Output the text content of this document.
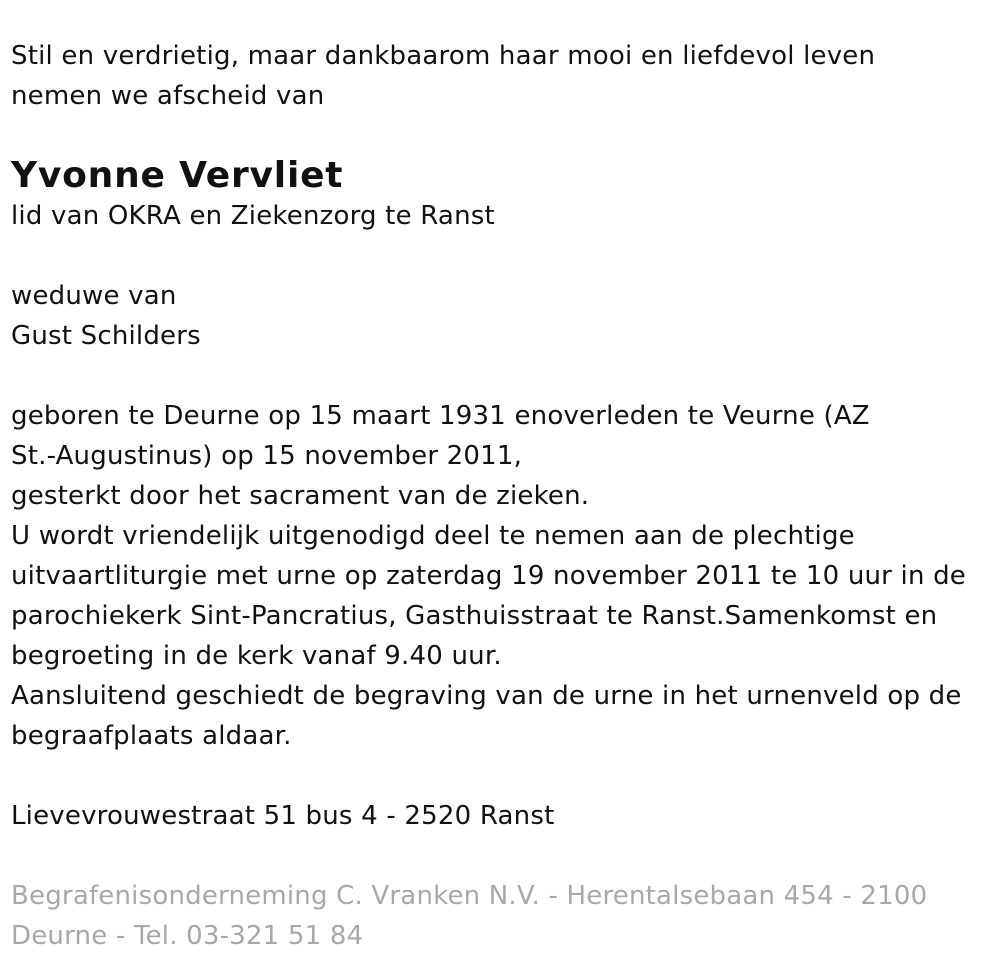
Stil en verdrietig, maar dankbaarom haar mooi en liefdevol leven
nemen we afscheid van
Yvonne Vervliet
lid van OKRA en Ziekenzorg te Ranst
weduwe van
Gust Schilders
geboren te Deurne op 15 maart 1931 enoverleden te Veurne (AZ
St.-Augustinus) op 15 november 2011,
gesterkt door het sacrament van de zieken.
U wordt vriendelijk uitgenodigd deel te nemen aan de plechtige
uitvaartliturgie met urne op zaterdag 19 november 2011 te 10 uur in de
parochiekerk Sint-Pancratius, Gasthuisstraat te Ranst.Samenkomst en
begroeting in de kerk vanaf 9.40 uur.
Aansluitend geschiedt de begraving van de urne in het urnenveld op de
begraafplaats aldaar.
Lievevrouwestraat 51 bus 4 - 2520 Ranst
Begrafenisonderneming C. Vranken N.V. - Herentalsebaan 454 - 2100
Deurne - Tel. 03-321 51 84
